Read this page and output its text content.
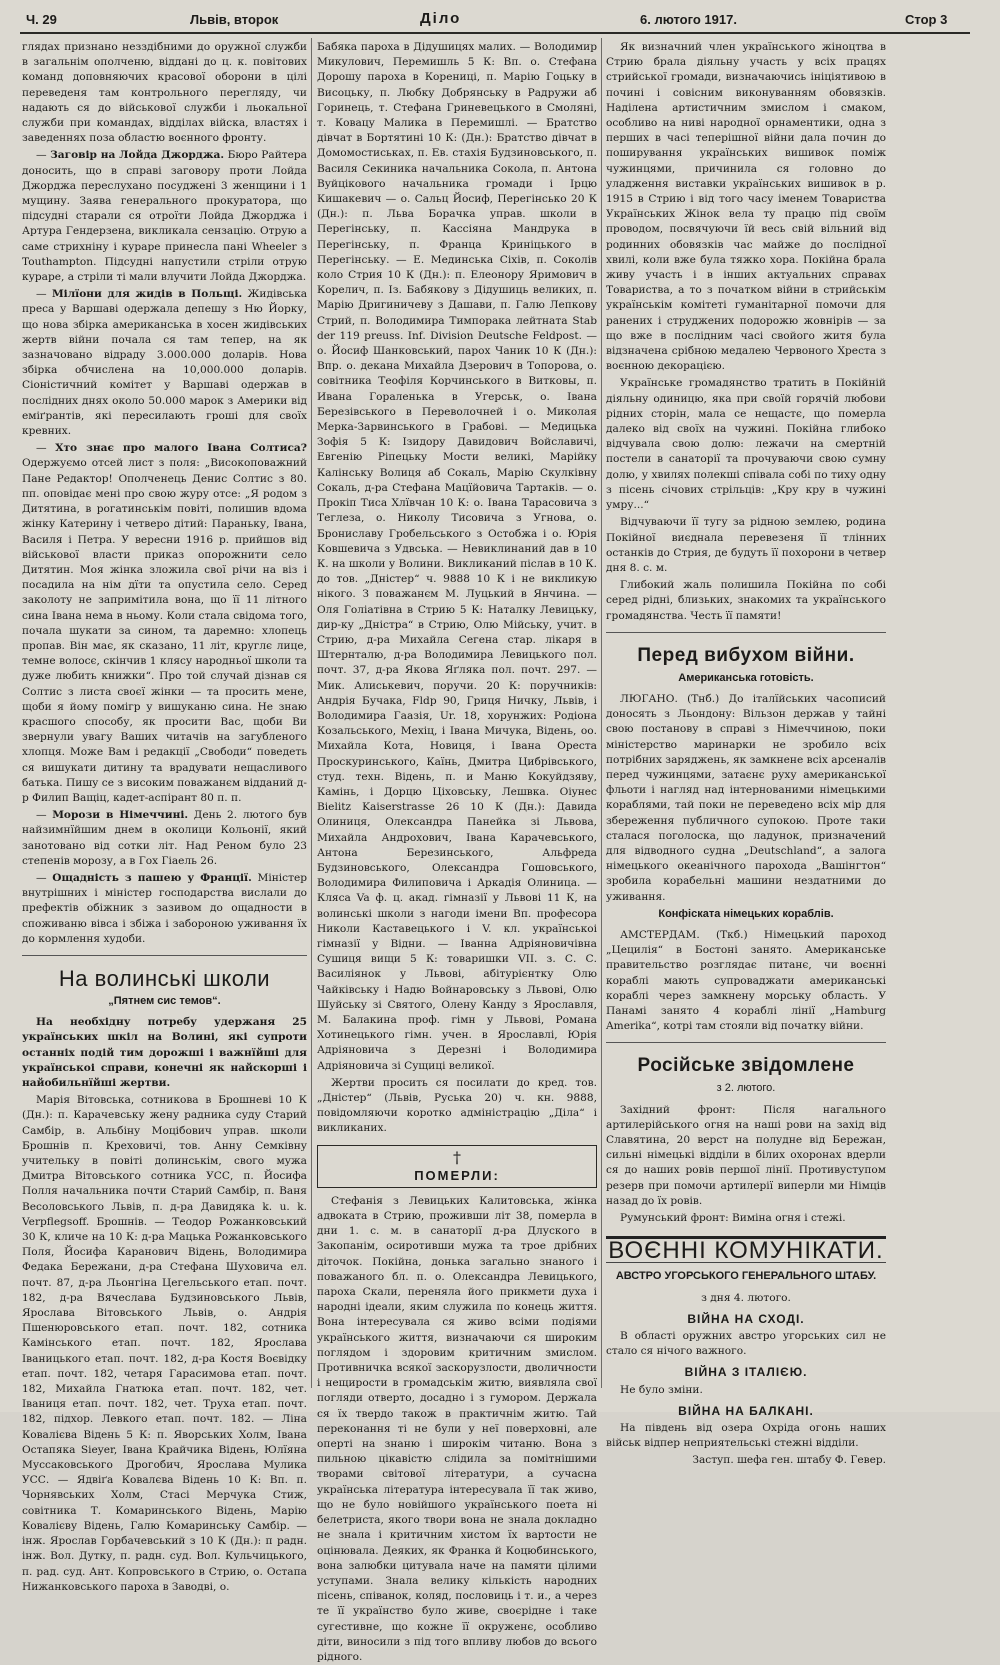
Ч. 29	Львів, второк	Діло	6. лютого 1917.	Стор 3

глядах признано незздібними до оружної служби в загальнім ополченю, віддані до ц. к. повітових команд доповняючих красової оборони в цілі переведеня там контрольного перегляду, чи надають ся до військової служби і льокальної служби при командах, відділах війска, властях і заведеннях поза областю воєнного фронту.

— Заговір на Лойда Джорджа. Бюро Райтера доносить, що в справі заговору проти Лойда Джорджа переслухано посуджені 3 женщини і 1 мущину. Заява генерального прокуратора, що підсудні старали ся отроїти Лойда Джорджа і Артура Гендерзена, викликала сензацію. Отрую а саме стрихніну і кураре принесла пані Wheeler з Touthampton. Підсудні напустили стріли отрую кураре, а стріли ті мали влучити Лойда Джорджа.

— Мілїони для жидів в Польщі. Жидівська преса у Варшаві одержала депешу з Ню Йорку, що нова збірка американська в хосен жидівських жертв війни почала ся там тепер, на як зазначовано відраду 3.000.000 доларів. Нова збірка обчислена на 10,000.000 доларів. Сіоністичний комітет у Варшаві одержав в послідних днях около 50.000 марок з Америки від еміґрантів, які пересилають гроші для своїх кревних.

— Хто знає про малого Івана Солтиса? Одержуємо отсей лист з поля: „Високоповажний Пане Редактор! Ополченець Денис Солтис з 80. пп. оповідає мені про свою журу отсе: „Я родом з Дитятина, в рогатинськім повіті, полишив вдома жінку Катерину і четверо дітий: Параньку, Івана, Василя і Петра. У вересни 1916 р. прийшов від військової власти приказ опорожнити село Дитятин. Моя жінка зложила свої річи на віз і посадила на нім дїти та опустила село. Серед заколоту не запримітила вона, що її 11 літного сина Івана нема в ньому. Коли стала свідома того, почала шукати за сином, та даремно: хлопець пропав. Він має, як сказано, 11 літ, круглє лице, темне волосє, скінчив 1 клясу народньої школи та дуже любить книжки“. Про той случай дізнав ся Солтис з листа своєї жінки — та просить мене, щоби я йому помігр у вишуканю сина. Не знаю красшого способу, як просити Вас, щоби Ви звернули увагу Ваших читачів на загубленого хлопця. Може Вам і редакції „Свободи“ поведеть ся вишукати дитину та врадувати нещасливого батька. Пишу се з високим поважанєм відданий д-р Филип Ващіц, кадет-аспірант 80 п. п.

— Морози в Німеччині. День 2. лютого був найзимнїйшим днем в околици Кольонії, який занотовано від сотки літ. Над Реном було 23 степенів морозу, а в Гох Гіаель 26.

— Ощадність з пашею у Франції. Міністер внутрішних і міністер господарства вислали до префектів обіжник з зазивом до ощадности в споживаню вівса і збіжа і забороною уживання їх до кормлення худоби.

На волинські школи
„Пятнем сис темов“.

На необхідну потребу удержаня 25 українських шкіл на Волині, які супроти останніх подій тим дорожші і важнїйші для українськоі справи, конечні як найскорші і найобильнїйші жертви.

Марія Вітовська, сотникова в Брошневі 10 К (Дн.): п. Карачевську жену радника суду Старий Самбір, в. Альбіну Моцібович управ. школи Брошнів п. Креховичі, тов. Анну Семківну учительку в повіті долинськім, свого мужа Дмитра Вітовського сотника УСС, п. Йосифа Полля начальника почти Старий Самбір, п. Ваня Весоловського Львів, п. д-ра Давидяка k. u. k. Verpflegsoff. Брошнів. — Теодор Рожанковський 30 К, кличе на 10 К: д-ра Мацька Рожанковського Поля, Йосифа Каранович Відень, Володимира Федака Бережани, д-ра Стефана Шуховича ел. почт. 87, д-ра Льонгіна Цегельського етап. почт. 182, д-ра Вячеслава Будзиновського Львів, Ярослава Вітовського Львів, о. Андрія Пшенюровського етап. почт. 182, сотника Камінського етап. почт. 182, Ярослава Іваницького етап. почт. 182, д-ра Костя Воєвідку етап. почт. 182, четаря Гарасимова етап. почт. 182, Михайла Гнатюка етап. почт. 182, чет. Іваниця етап. почт. 182, чет. Труха етап. почт. 182, підхор. Левкого етап. почт. 182. — Ліна Ковалієва Відень 5 К: п. Яворських Холм, Івана Остапяка Sieyer, Івана Крайчика Відень, Юлїяна Мусcаковського Дрогобич, Ярослава Мулика УСС. — Ядвіґа Ковалєва Відень 10 К: Вп. п. Чорнявських Холм, Стасі Мерчука Стиж, совітника Т. Комаринського Відень, Марію Ковалієву Відень, Галю Комаринську Самбір. — інж. Ярослав Горбачевський з 10 К (Дн.): п радн. інж. Вол. Дутку, п. радн. суд. Вол. Кульчицького, п. рад. суд. Ант. Копровського в Стрию, о. Остапа Нижанковського пароха в Заводві, о.

Бабяка пароха в Дідушицях малих. — Володимир Микулович, Перемишль 5 К: Вп. о. Стефана Дорошу пароха в Корениці, п. Марію Гоцьку в Висоцьку, п. Любку Добрянську в Радружи аб Горинець, т. Стефана Гриневецького в Смоляні, т. Ковацу Малика в Перемишлі. — Братство дівчат в Бортятині 10 К: (Дн.): Братство дівчат в Домомостиськах, п. Ев. стахія Будзиновського, п. Василя Секиника начальника Сокола, п. Антона Вуйцікового начальника громади і Ірцю Кишакевич — о. Сальц Йосиф, Перегінсько 20 К (Дн.): п. Льва Борачка управ. школи в Перегінську, п. Кассіяна Мандрука в Перегінську, п. Франца Криніцького в Перегінську. — Е. Мединська Сіхів, п. Соколів коло Стрия 10 К (Дн.): п. Елеонору Яримович в Корелич, п. Із. Бабякову з Дідушиць великих, п. Марію Дригиничеву з Дашави, п. Галю Лепкову Стрий, п. Володимира Тимпорака лейтната Stab der 119 preuss. Inf. Division Deutsche Feldpost. — о. Йосиф Шанковський, парох Чаник 10 К (Дн.): Впр. о. декана Михайла Дзерович в Топорова, о. совітника Теофіля Корчинського в Витковы, п. Ивана Гораленька в Угерськ, о. Івана Березівського в Переволочней і о. Миколая Мерка-Зарвинського в Грабові. — Медицька Зофія 5 К: Ізидору Давидович Войславичі, Евгенію Ріпецьку Мости великі, Марійку Калінську Волиця аб Сокаль, Марію Скулківну Сокаль, д-ра Стефана Мацїйовича Тартаків. — о. Прокіп Тиса Хлївчан 10 К: о. Івана Тарасовича з Теглеза, о. Николу Тисовича з Угнова, о. Брониславу Гробельського з Остобжа і о. Юрія Ковшевича з Удвська. — Невиклинаний дав в 10 К. на школи у Волини. Викликаний післав в 10 К. до тов. „Дністер“ ч. 9888 10 К і не викликую нікого. З поважанєм М. Луцький в Янчина. — Оля Голіатівна в Стрию 5 К: Наталку Левицьку, дир-ку „Дністра“ в Стрию, Олю Мійську, учит. в Стрию, д-ра Михайла Сегена стар. лікаря в Штернталю, д-ра Володимира Левицького пол. почт. 37, д-ра Якова Яґляка пол. почт. 297. — Мик. Алиськевич, поручи. 20 К: поручників: Андрія Бучака, Fldp 90, Гриця Ничку, Львів, і Володимира Гаазія, Ur. 18, хорунжих: Родіона Козальського, Мехіц, і Івана Мичука, Відень, оо. Михайла Кота, Новиця, і Івана Ореста Проскуринського, Каїнь, Дмитра Цибрівського, студ. техн. Відень, п. и Маню Кокуйдзяву, Камінь, і Дорцю Ціховську, Лешвка. Oiyнec Bielitz Kaiserstrasse 26 10 К (Дн.): Давида Олиниця, Олександра Панейка зі Львова, Михайла Андрохович, Івана Карачевського, Антона Березинського, Альфреда Будзиновського, Олександра Гошовського, Володимира Филиповича і Аркадія Олиница. — Кляса Va ф. ц. акад. гімназії у Львові 11 К, на волинські школи з нагоди імени Вп. професора Николи Каставецького і V. кл. українськоі гімназії у Відни. — Іванна Адріяновичівна Сушиця вищи 5 К: товаришки VII. з. С. С. Василіянок у Львові, абітурієнтку Олю Чайківську і Надю Войнаровську з Львові, Олю Шуйську зі Святого, Олену Канду з Ярославля, М. Балакина проф. гімн у Львові, Романа Хотинецького гімн. учен. в Ярославлі, Юрія Адріяновича з Дерезні і Володимира Адріяновича зі Сущиці великої.

Жертви просить ся посилати до кред. тов. „Дністер“ (Львів, Руська 20) ч. кн. 9888, повідомляючи коротко адміністрацію „Діла“ і викликаних.

†
ПОМЕРЛИ:

Стефанія з Левицьких Калитовська, жінка адвоката в Стрию, проживши літ 38, померла в дни 1. с. м. в санаторії д-ра Длуского в Закопанім, осиротивши мужа та трое дрібних діточок. Покійна, донька загально знаного і поважаного бл. п. о. Олександра Левицького, пароха Скали, переняла його прикмети духа і народні ідеали, яким служила по конець життя. Вона інтересувала ся живо всіми подіями українського життя, визначаючи ся широким поглядом і здоровим критичним змислом. Противничка всякої заскорузлости, дволичности і нещирости в громадськім житю, виявляла свої погляди отверто, досадно і з гумором. Держала ся їх твердо також в практичнім житю. Тай переконання ті не були у неї поверховні, але оперті на знаню і широкім читаню. Вона з пильною цікавістю слідила за помітнішими творами світової літератури, а сучасна українська література інтересувала її так живо, що не було новійшого українського поета ні белетриста, якого твори вона не знала докладно не знала і критичним хистом їх вартости не оцінювала. Деяких, як Франка й Коцюбинського, вона залюбки цитувала наче на памяти цілими уступами. Знала велику кількість народних пісень, співанок, коляд, пословиць і т. и., а через те її українство було живе, своєрідне і таке сугестивне, що кожне її окруженє, особливо діти, виносили з під того впливу любов до всього рідного.

Як визначний член українського жіноцтва в Стрию брала діяльну участь у всіх працях стрийської громади, визначаючись ініціятивою в почині і совісним виконуванням обовязків. Наділена артистичним змислом і смаком, особливо на ниві народної орнаментики, одна з перших в часі теперішної війни дала почин до поширування українських вишивок поміж чужинцями, причинила ся головно до уладження виставки українських вишивок в р. 1915 в Стрию і від того часу іменем Товариства Українських Жінок вела ту працю під своїм проводом, посвячуючи їй весь свій вільний від родинних обовязків час майже до послідної хвилі, коли вже була тяжко хора. Покійна брала живу участь і в інших актуальних справах Товариства, а то з початком війни в стрийськім українськім комітеті гуманітарної помочи для ранених і стрyджених подорожю жовнірів — за що вже в послідним часі свойого житя була відзначена срібною медалею Червоного Хреста з воєнною декорацією.

Українське громадянство тратить в Покійній діяльну одиницю, яка при своїй горячій любови рідних сторін, мала се нещастє, що померла далеко від своїх на чужині. Покійна глибоко відчувала свою долю: лежачи на смертній постели в санаторії та прочуваючи свою сумну долю, у хвилях полекші співала собі по тиху одну з пісень січових стрільців: „Кру кру в чужині умру...“

Відчуваючи її тугу за рідною землею, родина Покійної виєднала перевезеня її тлінних останків до Стрия, де будуть її похорони в четвер дня 8. с. м.

Глибокий жаль полишила Покійна по собі серед рідні, близьких, знакомих та українського громадянства. Честь її памяти!

Перед вибухом війни.
Американська готовість.

ЛЮГАНО. (Тнб.) До італїйських часописий доносять з Льондону: Вільзон держав у тайні свою постанову в справі з Німеччиною, поки міністерство маринарки не зробило всіх потрібних заряджень, як замкнене всіх арсеналів перед чужинцями, затаєнє руху американської фльоти і нагляд над інтернованими німецькими кораблями, тай поки не переведено всіх мір для збереження публичного супокою. Проте таки сталася поголоска, що ладунок, призначений для відводного судна „Deutschland“, а залога німецького океанічного парохода „Вашінгтон“ зробила корабельні машини нездатними до уживання.

Конфіската німецьких кораблів.

АМСТЕРДАМ. (Ткб.) Німецький пароход „Цецилія“ в Бостоні занято. Американське правительство розглядає питанє, чи воєнні кораблі мають супроваджати американські кораблі через замкнену морську область. У Панамі занято 4 кораблі лінії „Hamburg Amerika“, котрі там стояли від початку війни.

Російське звідомлене
з 2. лютого.

Західний фронт: Після нагального артилерійського огня на наші рови на захід від Славятина, 20 верст на полудне від Бережан, сильні німецькі відділи в білих охоронах вдерли ся до наших ровів першої лінії. Противуступом резерв при помочи артилерії виперли ми Німців назад до їх ровів.

Румунський фронт: Виміна огня і стежі.

ВОЄННІ КОМУНІКАТИ.
АВСТРО УГОРСЬКОГО ГЕНЕРАЛЬНОГО ШТАБУ.

з дня 4. лютого.

ВІЙНА НА СХОДІ.

В області оружних австро угорських сил не стало ся нічого важного.

ВІЙНА З ІТАЛІЄЮ.

Не було зміни.

ВІЙНА НА БАЛКАНІ.

На південь від озера Охріда огонь наших військ відпер неприятельські стежні відділи.

Заступ. шефа ген. штабу Ф. Гевер.
